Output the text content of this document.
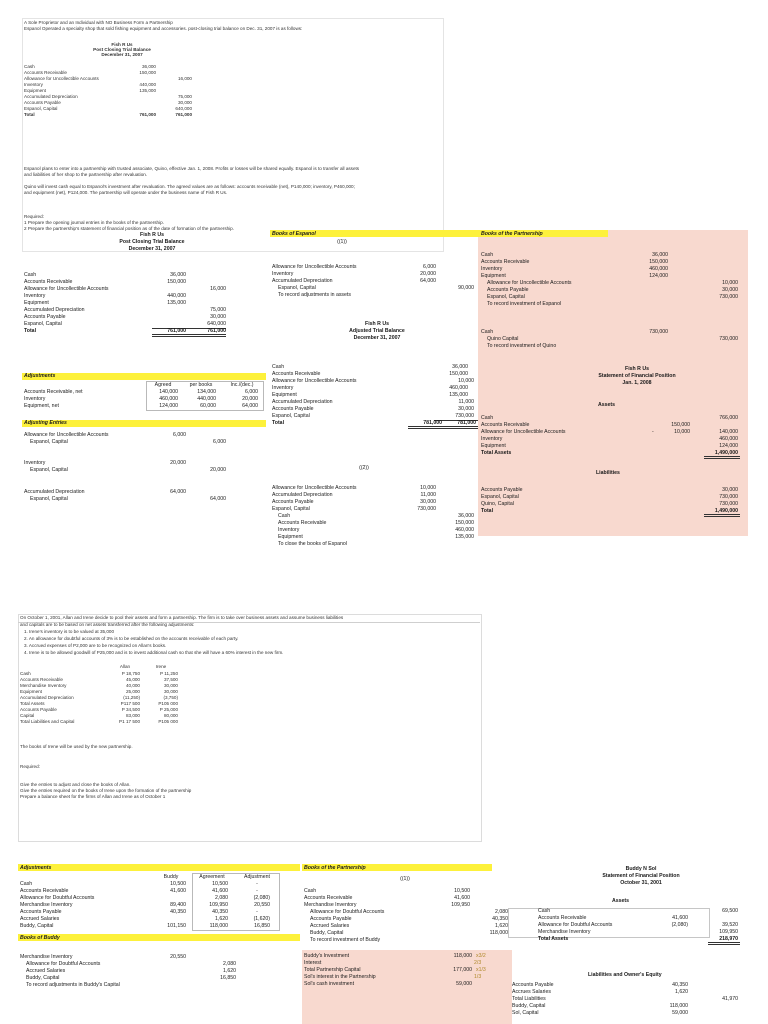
A Sole Proprietor and an Individual with NO Business Form a Partnership
Espanol Operated a specialty shop that sold fishing equipment and accessories. post-closing trial balance on Dec. 31, 2007 is as follows:
Fish R Us
Post Closing Trial Balance
December 31, 2007
Cash	36,000
Accounts Receivable	150,000
Allowance for Uncollectible Accounts	16,000
Inventory	440,000
Equipment	135,000
Accumulated Depreciation	75,000
Accounts Payable	30,000
Espanol, Capital	640,000
Total	761,000	761,000
Espanol plans to enter into a partnership with trusted associate, Quino, effective Jan. 1, 2008. Profits or losses will be shared equally. Espanol is to transfer all assets
and liabilities of her shop to the partnership after revaluation.
Quino will invest cash equal to Espanol's investment after revaluation. The agreed values are as follows: accounts receivable (net), P140,000; inventory, P460,000;
and equipment (net), P124,000. The partnership will operate under the business name of Fish R Us.
Required:
1 Prepare the opening journal entries in the books of the partnership.
2 Prepare the partnership's statement of financial position as of the date of formation of the partnership.
Fish R Us
Post Closing Trial Balance
December 31, 2007
Cash	36,000
Accounts Receivable	150,000
Allowance for Uncollectible Accounts	16,000
Inventory	440,000
Equipment	135,000
Accumulated Depreciation	75,000
Accounts Payable	30,000
Espanol, Capital	640,000
Total	761,000	761,000
Adjustments
Agreed	per books	Inc./(dec.)
Accounts Receivable, net	140,000	134,000	6,000
Inventory	460,000	440,000	20,000
Equipment, net	124,000	60,000	64,000
Adjusting Entries
Allowance for Uncollectible Accounts	6,000
Espanol, Capital	6,000
Inventory	20,000
Espanol, Capital	20,000
Accumulated Depreciation	64,000
Espanol, Capital	64,000
Books of Espanol
((1))
Allowance for Uncollectible Accounts	6,000
Inventory	20,000
Accumulated Depreciation	64,000
Espanol, Capital	90,000
To record adjustments in assets
Fish R Us
Adjusted Trial Balance
December 31, 2007
Cash	36,000
Accounts Receivable	150,000
Allowance for Uncollectible Accounts	10,000
Inventory	460,000
Equipment	135,000
Accumulated Depreciation	11,000
Accounts Payable	30,000
Espanol, Capital	730,000
Total	781,000	781,000
((2))
Allowance for Uncollectible Accounts	10,000
Accumulated Depreciation	11,000
Accounts Payable	30,000
Espanol, Capital	730,000
Cash	36,000
Accounts Receivable	150,000
Inventory	460,000
Equipment	135,000
To close the books of Espanol
Books of the Partnership
Cash	36,000
Accounts Receivable	150,000
Inventory	460,000
Equipment	124,000
Allowance for Uncollectible Accounts	10,000
Accounts Payable	30,000
Espanol, Capital	730,000
To record investment of Espanol
Cash	730,000
Quino Capital	730,000
To record investment of Quino
Fish R Us
Statement of Financial Position
Jan. 1, 2008
Assets
Cash	766,000
Accounts Receivable	150,000
Allowance for Uncollectible Accounts	-	10,000	140,000
Inventory	460,000
Equipment	124,000
Total Assets	1,490,000
Liabilities
Accounts Payable	30,000
Espanol, Capital	730,000
Quino, Capital	730,000
Total	1,490,000
On October 1, 2001, Allan and Irene decide to pool their assets and form a partnership. The firm is to take over business assets and assume business liabilities
and capitals are to be based on net assets transferred after the following adjustments:
1. Irene's inventory is to be valued at 35,000
2. An allowance for doubtful accounts of 3% is to be established on the accounts receivable of each party.
3. Accrued expenses of P2,000 are to be recognized on Allan's books.
4. Irene is to be allowed goodwill of P25,000 and is to invest additional cash so that she will have a 60% interest in the new firm.
Allan	Irene
Cash	P 18,750	P 11,250
Accounts Receivable	45,000	37,500
Merchandise Inventory	40,000	30,000
Equipment	25,000	30,000
Accumulated Depreciation	(11,250)	(3,750)
Total Assets	P117 500	P105 000
Accounts Payable	P 34,500	P 25,000
Capital	83,000	80,000
Total Liabilities and Capital	P1 17 500	P105 000
The books of Irene will be used by the new partnership.
Required:
Give the entries to adjust and close the books of Allan.
Give the entries required on the books of Irene upon the formation of the partnership
Prepare a balance sheet for the firms of Allan and Irene as of October 1
Adjustments
Buddy	Agreement	Adjustment
Cash	10,500	10,500	-
Accounts Receivable	41,600	41,600	-
Allowance for Doubtful Accounts	2,080	(2,080)
Merchandise Inventory	89,400	109,950	20,550
Accounts Payable	40,350	40,350	-
Accrued Salaries	1,620	(1,620)
Buddy, Capital	101,150	118,000	16,850
Books of Buddy
Merchandise Inventory	20,550
Allowance for Doubtful Accounts	2,080
Accrued Salaries	1,620
Buddy, Capital	16,850
To record adjustments in Buddy's Capital
Books of the Partnership
((1))
Cash	10,500
Accounts Receivable	41,600
Merchandise Inventory	109,950
Allowance for Doubtful Accounts	2,080
Accounts Payable	40,350
Accrued Salaries	1,620
Buddy, Capital	118,000
To record investment of Buddy
Buddy's Investment	118,000 x3/2
Interest	2/3
Total Partnership Capital	177,000 x1/3
Sol's interest in the Partnership	1/3
Sol's cash investment	59,000
Buddy N Sol
Statement of Financial Position
October 31, 2001
Assets
Cash	69,500
Accounts Receivable	41,600
Allowance for Doubtful Accounts	(2,080)	39,520
Merchandise Inventory	109,950
Total Assets	218,970
Liabilities and Owner's Equity
Accounts Payable	40,350
Accrues Salaries	1,620
Total Liabilities	41,970
Buddy, Capital	118,000
Sol, Capital	59,000
